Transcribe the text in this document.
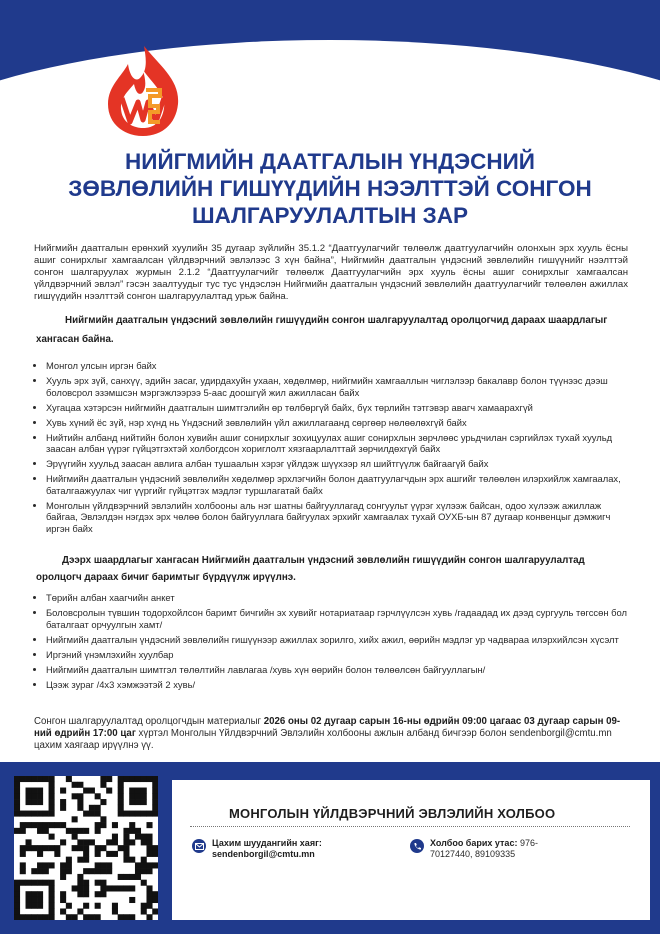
НИЙГМИЙН ДААТГАЛЫН ҮНДЭСНИЙ
ЗӨВЛӨЛИЙН ГИШҮҮДИЙН НЭЭЛТТЭЙ СОНГОН
ШАЛГАРУУЛАЛТЫН ЗАР

Нийгмийн даатгалын ерөнхий хуулийн 35 дугаар зүйлийн 35.1.2 “Даатгуулагчийг төлөөлж даатгуулагчийн олонхын эрх хууль ёсны ашиг сонирхлыг хамгаалсан үйлдвэрчний эвлэлээс 3 хүн байна”, Нийгмийн даатгалын үндэсний зөвлөлийн гишүүнийг нээлттэй сонгон шалгаруулах журмын 2.1.2 “Даатгуулагчийг төлөөлж Даатгуулагчийн эрх хууль ёсны ашиг сонирхлыг хамгаалсан үйлдвэрчний эвлэл” гэсэн заалтуудыг тус тус үндэслэн Нийгмийн даатгалын үндэсний зөвлөлийн даатгуулагчийг төлөөлөн ажиллах гишүүдийн нээлттэй сонгон шалгаруулалтад урьж байна.

Нийгмийн даатгалын үндэсний зөвлөлийн гишүүдийн сонгон шалгаруулалтад оролцогчид дараах шаардлагыг

хангасан байна.

• Монгол улсын иргэн байх
• Хууль эрх зүй, санхүү, эдийн засаг, удирдахуйн ухаан, хөдөлмөр, нийгмийн хамгааллын чиглэлээр бакалавр болон түүнээс дээш боловсрол эзэмшсэн мэргэжлээрээ 5-аас доошгүй жил ажилласан байх
• Хугацаа хэтэрсэн нийгмийн даатгалын шимтгэлийн өр төлбөргүй байх, бүх төрлийн тэтгэвэр авагч хамаарахгүй
• Хувь хүний ёс зүй, нэр хүнд нь Үндэсний зөвлөлийн үйл ажиллагаанд сөргөөр нөлөөлөхгүй байх
• Нийтийн албанд нийтийн болон хувийн ашиг сонирхлыг зохицуулах ашиг сонирхлын зөрчлөөс урьдчилан сэргийлэх тухай хуульд заасан албан үүрэг гүйцэтгэхтэй холбогдсон хориглолт хязгаарлалттай зөрчилдөхгүй байх
• Эрүүгийн хуульд заасан авлига албан тушаалын хэрэг үйлдэж шүүхээр ял шийтгүүлж байгаагүй байх
• Нийгмийн даатгалын үндэсний зөвлөлийн хөдөлмөр эрхлэгчийн болон даатгуулагчдын эрх ашгийг төлөөлөн илэрхийлж хамгаалах, баталгаажуулах чиг үүргийг гүйцэтгэх мэдлэг туршлагатай байх
• Монголын үйлдвэрчний эвлэлийн холбооны аль нэг шатны байгууллагад сонгуульт үүрэг хүлээж байсан, одоо хүлээж ажиллаж байгаа, Эвлэлдэн нэгдэх эрх чөлөө болон байгууллага байгуулах эрхийг хамгаалах тухай ОУХБ-ын 87 дугаар конвенцыг дэмжигч иргэн байх

Дээрх шаардлагыг хангасан Нийгмийн даатгалын үндэсний зөвлөлийн гишүүдийн сонгон шалгаруулалтад

оролцогч дараах бичиг баримтыг бүрдүүлж ирүүлнэ.

• Төрийн албан хаагчийн анкет
• Боловсролын түвшин тодорхойлсон баримт бичгийн эх хувийг нотариатаар гэрчлүүлсэн хувь /гадаадад их дээд сургууль төгссөн бол баталгаат орчуулгын хамт/
• Нийгмийн даатгалын үндэсний зөвлөлийн гишүүнээр ажиллах зорилго, хийх ажил, өөрийн мэдлэг ур чадвараа илэрхийлсэн хүсэлт
• Иргэний үнэмлэхийн хуулбар
• Нийгмийн даатгалын шимтгэл төлөлтийн лавлагаа /хувь хүн өөрийн болон төлөөлсөн байгууллагын/
• Цээж зураг /4х3 хэмжээтэй 2 хувь/

Сонгон шалгаруулалтад оролцогчдын материалыг 2026 оны 02 дугаар сарын 16-ны өдрийн 09:00 цагаас 03 дугаар сарын 09-ний өдрийн 17:00 цаг хүртэл Монголын Үйлдвэрчний Эвлэлийн холбооны ажлын албанд бичгээр болон sendenborgil@cmtu.mn цахим хаягаар ирүүлнэ үү.

МОНГОЛЫН ҮЙЛДВЭРЧНИЙ ЭВЛЭЛИЙН ХОЛБОО

Цахим шуудангийн хаяг:
sendenborgil@cmtu.mn
Холбоо барих утас: 976-70127440, 89109335
